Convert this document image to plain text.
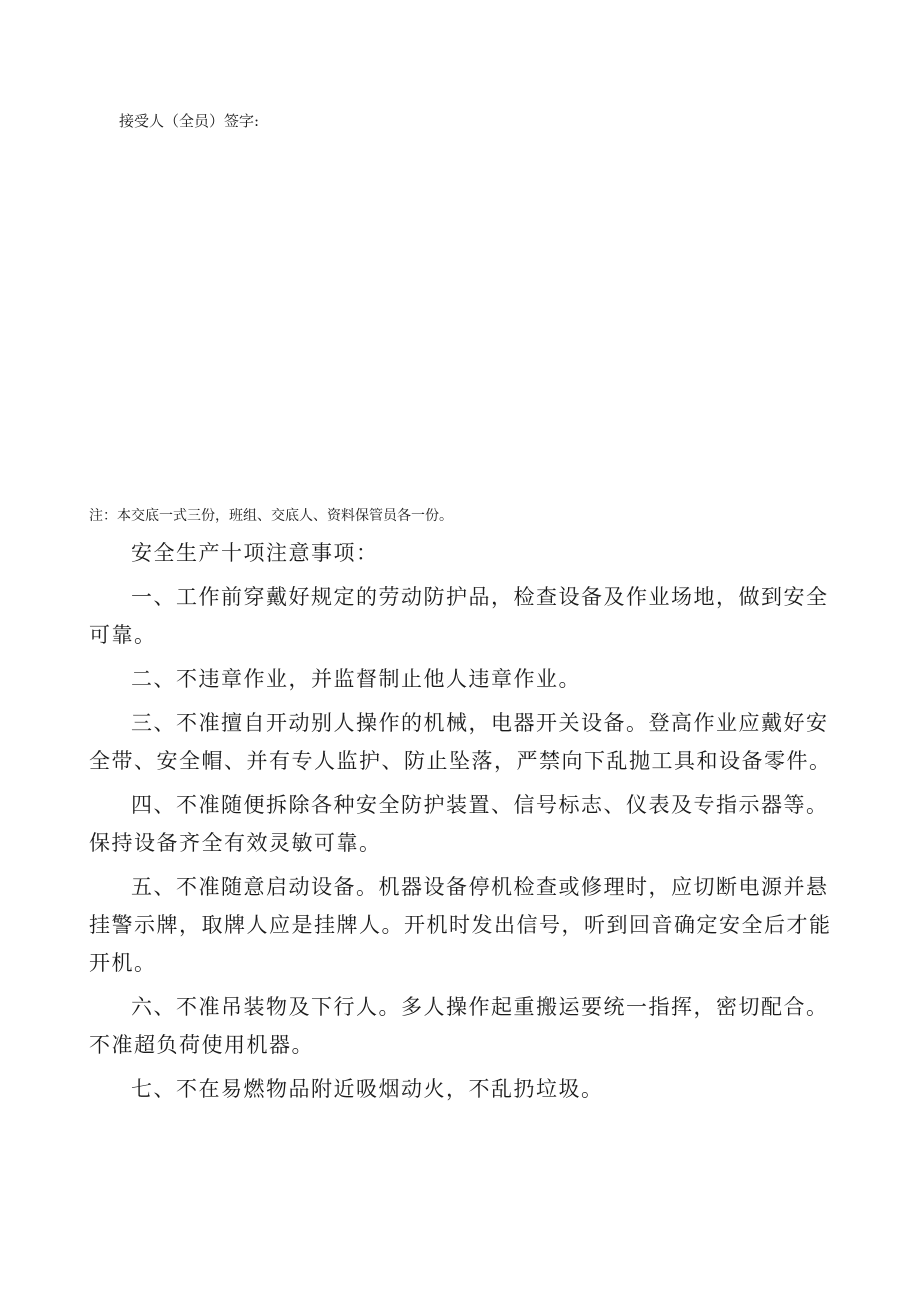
接受人（全员）签字:
注：本交底一式三份，班组、交底人、资料保管员各一份。

安全生产十项注意事项：

一、工作前穿戴好规定的劳动防护品，检查设备及作业场地，做到安全可靠。

二、不违章作业，并监督制止他人违章作业。

三、不准擅自开动别人操作的机械，电器开关设备。登高作业应戴好安全带、安全帽、并有专人监护、防止坠落，严禁向下乱抛工具和设备零件。

四、不准随便拆除各种安全防护装置、信号标志、仪表及专指示器等。保持设备齐全有效灵敏可靠。

五、不准随意启动设备。机器设备停机检查或修理时，应切断电源并悬挂警示牌，取牌人应是挂牌人。开机时发出信号，听到回音确定安全后才能开机。

六、不准吊装物及下行人。多人操作起重搬运要统一指挥，密切配合。不准超负荷使用机器。

七、不在易燃物品附近吸烟动火，不乱扔垃圾。
